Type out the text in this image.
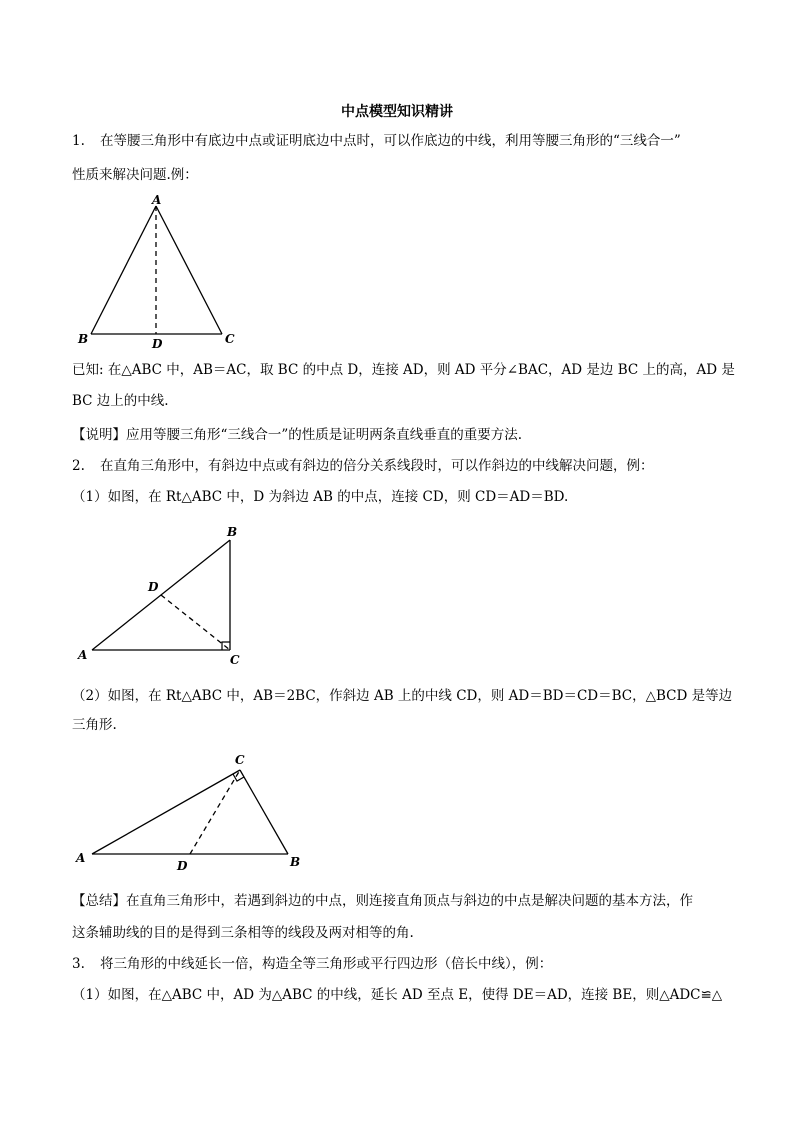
中点模型知识精讲
1. 在等腰三角形中有底边中点或证明底边中点时，可以作底边的中线，利用等腰三角形的“三线合一”
性质来解决问题.例：
A
B	C
D
已知: 在△ABC 中，AB＝AC，取 BC 的中点 D，连接 AD，则 AD 平分∠BAC，AD 是边 BC 上的高，AD 是
BC 边上的中线.
【说明】应用等腰三角形“三线合一”的性质是证明两条直线垂直的重要方法.
2. 在直角三角形中，有斜边中点或有斜边的倍分关系线段时，可以作斜边的中线解决问题，例：
（1）如图，在 Rt△ABC 中，D 为斜边 AB 的中点，连接 CD，则 CD＝AD＝BD.
B
D
A	C
（2）如图，在 Rt△ABC 中，AB＝2BC，作斜边 AB 上的中线 CD，则 AD＝BD＝CD＝BC，△BCD 是等边
三角形.
C
A	B
D
【总结】在直角三角形中，若遇到斜边的中点，则连接直角顶点与斜边的中点是解决问题的基本方法，作
这条辅助线的目的是得到三条相等的线段及两对相等的角.
3. 将三角形的中线延长一倍，构造全等三角形或平行四边形（倍长中线），例：
（1）如图，在△ABC 中，AD 为△ABC 的中线，延长 AD 至点 E，使得 DE＝AD，连接 BE，则△ADC≌△
